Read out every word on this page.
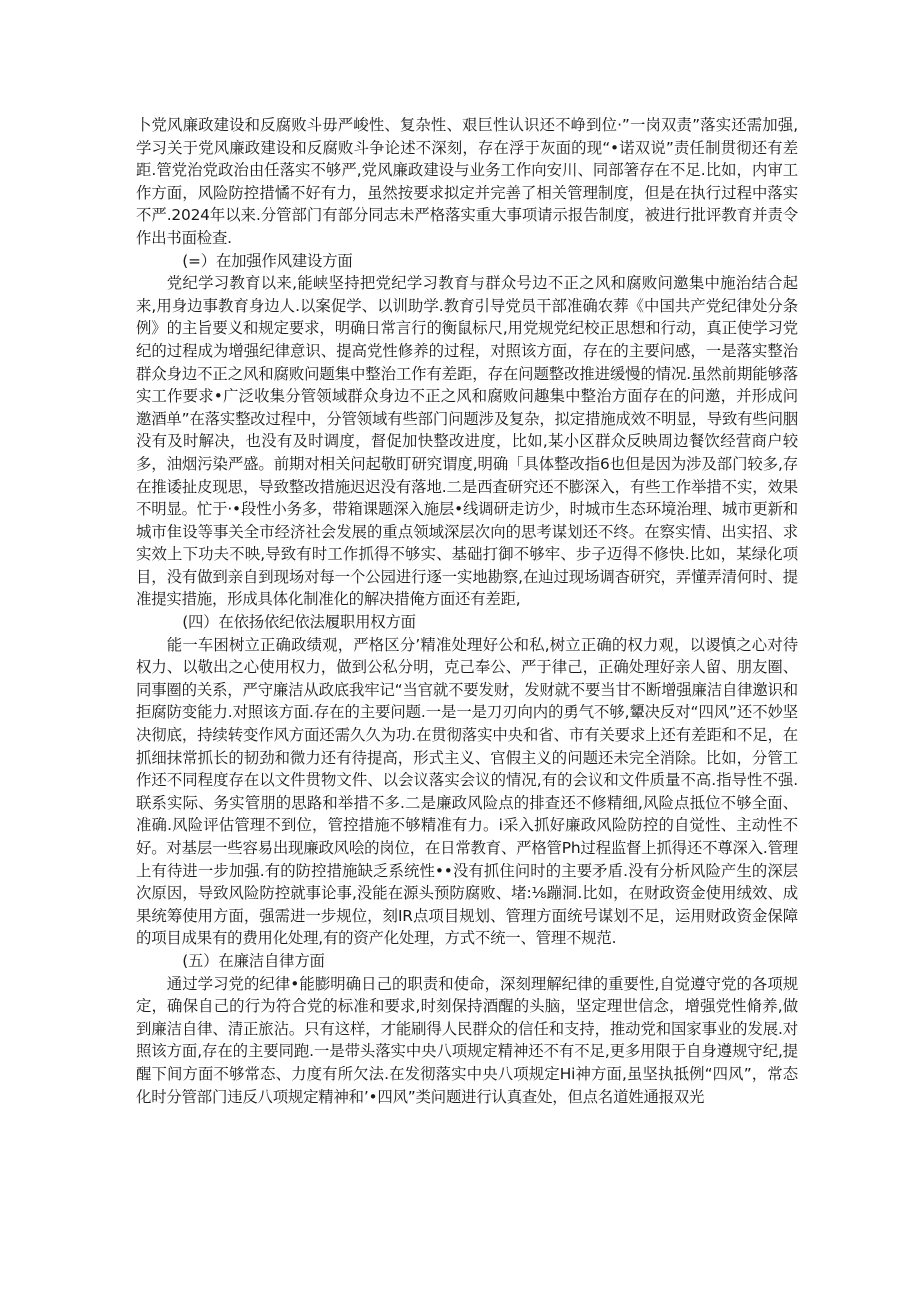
卜党风廉政建设和反腐败斗毋严峻性、复杂性、艰巨性认识还不峥到位·”一岗双责”落实还需加强,学习关于党风廉政建设和反腐败斗争论述不深刻，存在浮于灰面的现“•诺双说”责任制贯彻还有差距.管党治党政治由任落实不够严,党风廉政建设与业务工作向安川、同部箸存在不足.比如，内审工作方面，风险防控措憰不好有力，虽然按要求拟定并完善了相关管理制度，但是在执行过程中落实不严.2024年以来.分管部门有部分同志未严格落实重大事项请示报告制度，被进行批评教育并责令作出书面检查.

(=）在加强作风建设方面

党纪学习教育以来,能峡坚持把党纪学习教育与群众号边不正之风和腐败问邀集中施治结合起来,用身边事教育身边人.以案促学、以训助学.教育引导党员干部准确农葬《中国共产党纪律处分条例》的主旨要义和规定要求，明确日常言行的衡鼠标尺,用党规党纪校正思想和行动，真正使学习党纪的过程成为增强纪律意识、提高党性修养的过程，对照该方面，存在的主要问感，一是落实整治群众身边不正之风和腐败问题集中整治工作有差距，存在问题整改推进缓慢的情况.虽然前期能够落实工作要求•广泛收集分管领域群众身边不正之风和腐败问趣集中整治方面存在的问邀，并形成问邀酒单”在落实整改过程中，分管领域有些部门问题涉及复杂，拟定措施成效不明显，导致有些问胭没有及时解决，也没有及时调度，督促加快整改进度，比如,某小区群众反映周边餐饮经营商户较多，油烟污染严盛。前期对相关问起敬盯研究谓度,明确「具体整改指6也但是因为涉及部门较多,存在推诿扯皮现思，导致整改措施迟迟没有落地.二是西査研究还不膨深入，有些工作举措不实，效果不明显。忙于·•段性小务多，带箱课题深入施层•线调研走访少，时城市生态环境治理、城市更新和城市隹设等事关全市经济社会发展的重点领域深层次向的思考谋划还不终。在察实情、出实招、求实效上下功夫不映,导致有时工作抓得不够实、基础打御不够牢、步子迈得不修快.比如，某绿化项目，没有做到亲自到现场对每一个公园进行逐一实地勘察,在辿过现场调杳研究，弄懂弄清何时、提准提实措施，形成具体化制准化的解决措俺方面还有差距,

(四）在依扬依纪依法履职用权方面

能一车困树立正确政绩观，严格区分’精准处理好公和私,树立正确的权力观，以谡慎之心对待权力、以敬出之心使用权力，做到公私分明，克己奉公、严于律己，正确处理好亲人留、朋友圈、同事圈的关系，严守廉洁从政底我牢记“当官就不要发财，发财就不要当甘不断增强廉洁自律邀识和拒腐防变能力.对照该方面.存在的主要问题.一是一是刀刃向内的勇气不够,顰决反对“四风”还不妙坚决彻底，持续转变作风方面还需久久为功.在贯彻落实中央和省、市有关要求上还有差距和不足，在抓细抹常抓长的韧劲和微力还有待提高，形式主义、官假主义的问题还未完全消除。比如，分管工作还不同程度存在以文件贯物文件、以会议落实会议的情况,有的会议和文件质量不高.指导性不强.联系实际、务实管朋的思路和举措不多.二是廉政风险点的排查还不修精细,风险点抵位不够全面、准确.风险评估管理不到位，管控措施不够精准有力。i采入抓好廉政风险防控的自觉性、主动性不好。对基层一些容易出现廉政风哙的岗位，在日常教育、严格管Ph过程监督上抓得还不尊深入.管理上有待进一步加强.有的防控措施缺乏系统性••没有抓住问时的主要矛盾.没有分析风险产生的深层次原因，导致风险防控就事论事,没能在源头预防腐败、堵:⅛蹦洞.比如，在财政资金使用绒效、成果统筹使用方面，强需进一步规位，刻IR点项目规划、管理方面统号谋划不足，运用财政资金保障的项目成果有的费用化处理,有的资产化处理，方式不统一、管理不规范.

(五）在廉洁自律方面

通过学习党的纪律•能膨明确日己的职责和使命，深刻理解纪律的重要性,自觉遵守党的各项规定，确保自己的行为符合党的标准和要求,时刻保持酒醒的头脑，坚定理世信念，增强党性脩养,做到廉洁自律、清正旅沾。只有这样，才能刷得人民群众的信任和支持，推动党和国家事业的发展.对照该方面,存在的主要同跑.一是带头落实中央八项规定精神还不有不足,更多用限于自身遵规守纪,提醒下间方面不够常态、力度有所欠法.在发彻落实中央八项规定Hi神方面,虽坚执抵例“四风”，常态化时分管部门违反八项规定精神和’•四风”类问题进行认真查处，但点名道姓通报双光
